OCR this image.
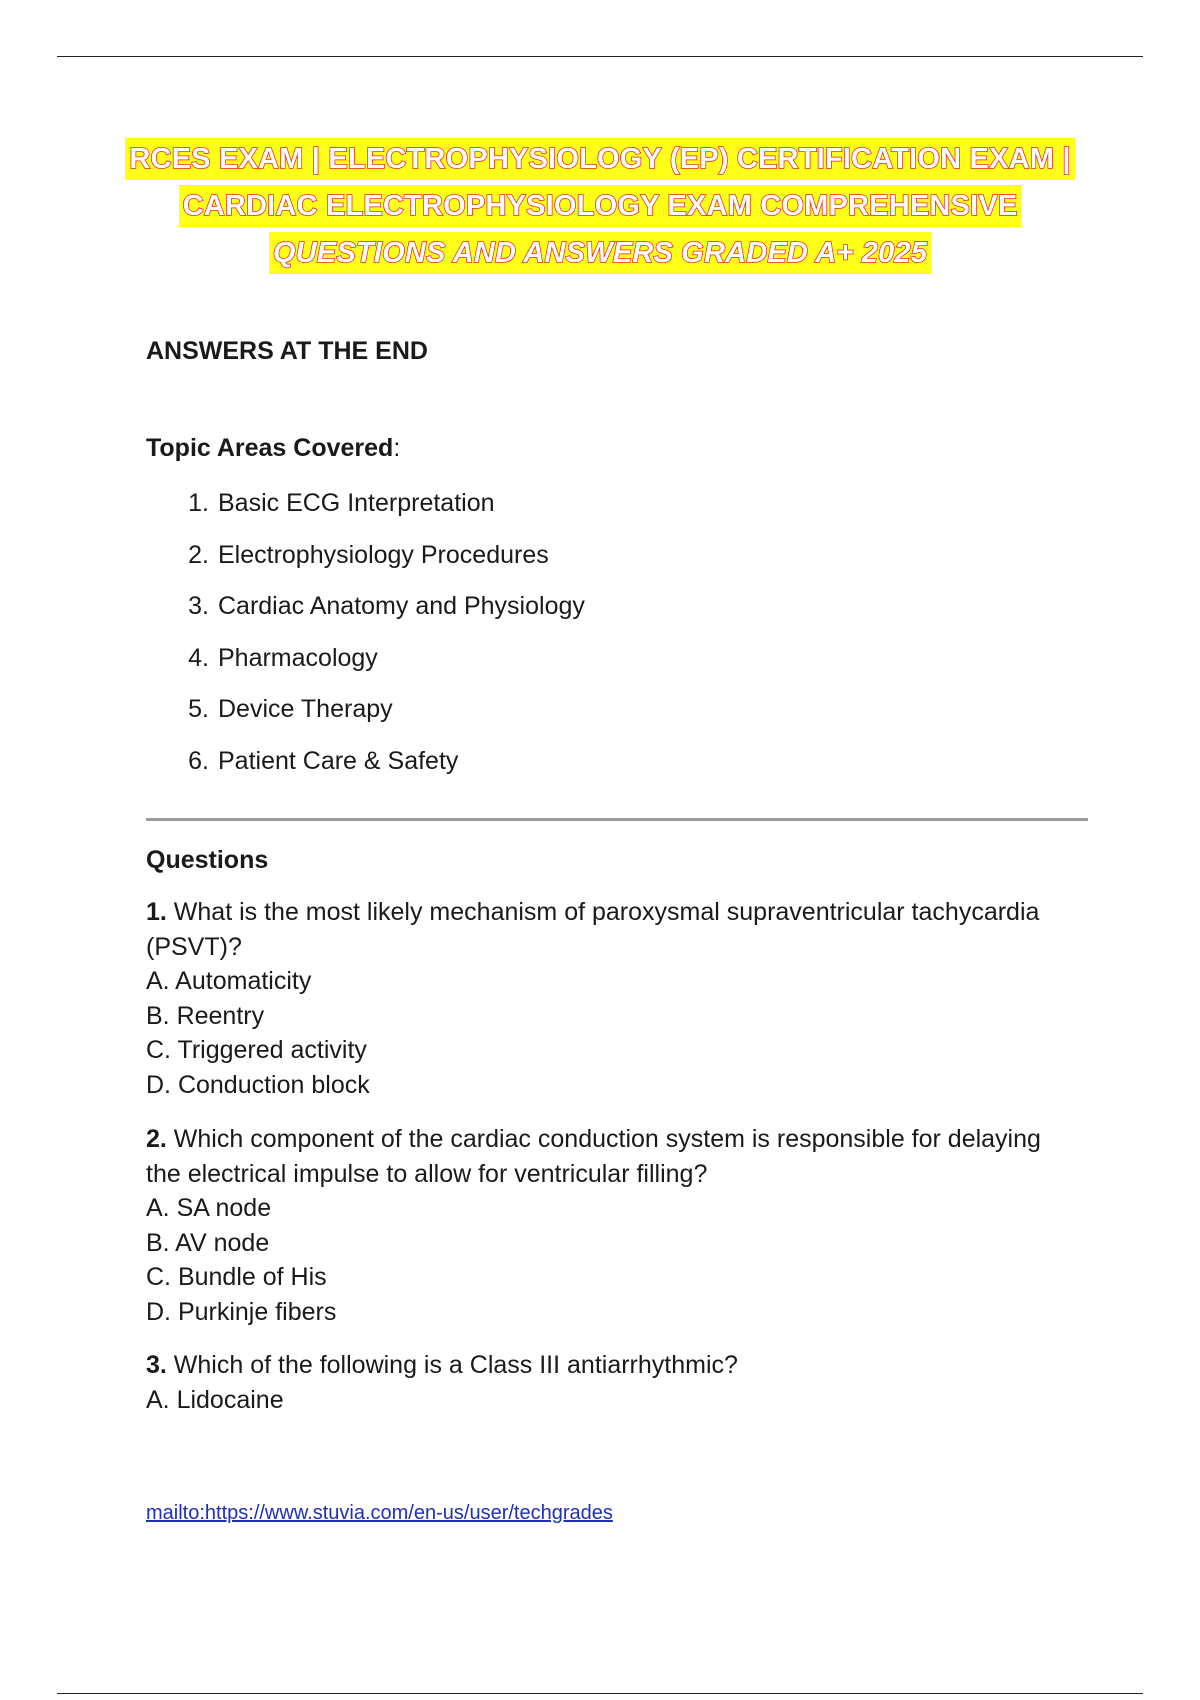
RCES EXAM | ELECTROPHYSIOLOGY (EP) CERTIFICATION EXAM |
CARDIAC ELECTROPHYSIOLOGY EXAM COMPREHENSIVE
QUESTIONS AND ANSWERS GRADED A+ 2025

ANSWERS AT THE END

Topic Areas Covered:

1. Basic ECG Interpretation
2. Electrophysiology Procedures
3. Cardiac Anatomy and Physiology
4. Pharmacology
5. Device Therapy
6. Patient Care & Safety

Questions

1. What is the most likely mechanism of paroxysmal supraventricular tachycardia (PSVT)?

A. Automaticity

B. Reentry

C. Triggered activity

D. Conduction block

2. Which component of the cardiac conduction system is responsible for delaying the electrical impulse to allow for ventricular filling?

A. SA node

B. AV node

C. Bundle of His

D. Purkinje fibers

3. Which of the following is a Class III antiarrhythmic?

A. Lidocaine

mailto:https://www.stuvia.com/en-us/user/techgrades
